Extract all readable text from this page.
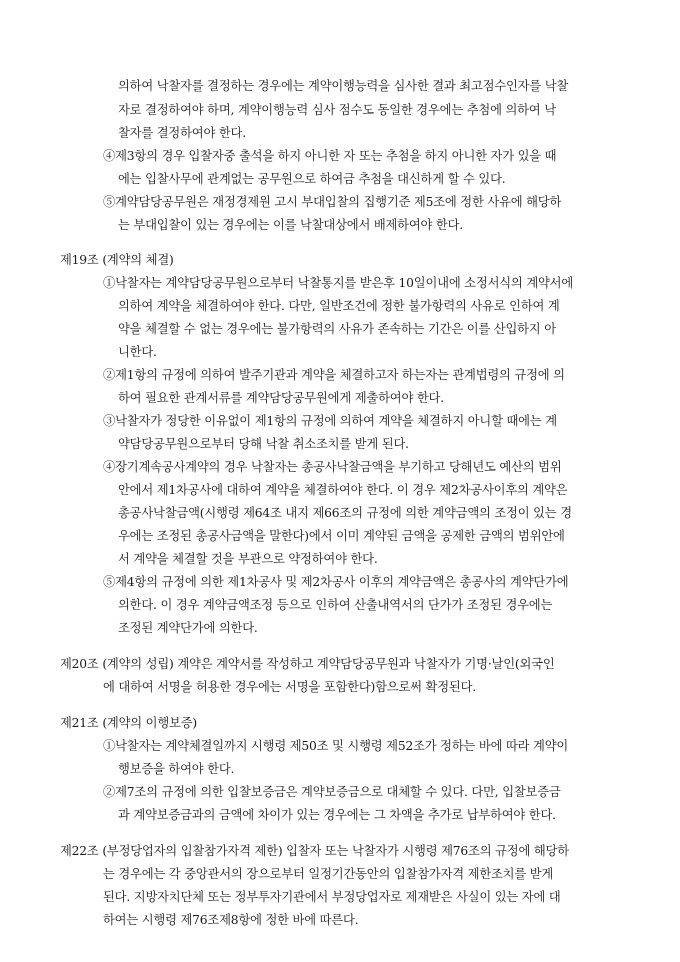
의하여 낙찰자를 결정하는 경우에는 계약이행능력을 심사한 결과 최고점수인자를 낙찰
자로 결정하여야 하며, 계약이행능력 심사 점수도 동일한 경우에는 추첨에 의하여 낙
찰자를 결정하여야 한다.
④제3항의 경우 입찰자중 출석을 하지 아니한 자 또는 추첨을 하지 아니한 자가 있을 때
에는 입찰사무에 관계없는 공무원으로 하여금 추첨을 대신하게 할 수 있다.
⑤계약담당공무원은 재정경제원 고시 부대입찰의 집행기준 제5조에 정한 사유에 해당하
는 부대입찰이 있는 경우에는 이를 낙찰대상에서 배제하여야 한다.
제19조 (계약의 체결)
①낙찰자는 계약담당공무원으로부터 낙찰통지를 받은후 10일이내에 소정서식의 계약서에
의하여 계약을 체결하여야 한다. 다만, 일반조건에 정한 불가항력의 사유로 인하여 계
약을 체결할 수 없는 경우에는 불가항력의 사유가 존속하는 기간은 이를 산입하지 아
니한다.
②제1항의 규정에 의하여 발주기관과 계약을 체결하고자 하는자는 관계법령의 규정에 의
하여 필요한 관계서류를 계약담당공무원에게 제출하여야 한다.
③낙찰자가 정당한 이유없이 제1항의 규정에 의하여 계약을 체결하지 아니할 때에는 계
약담당공무원으로부터 당해 낙찰 취소조치를 받게 된다.
④장기계속공사계약의 경우 낙찰자는 총공사낙찰금액을 부기하고 당해년도 예산의 범위
안에서 제1차공사에 대하여 계약을 체결하여야 한다. 이 경우 제2차공사이후의 계약은
총공사낙찰금액(시행령 제64조 내지 제66조의 규정에 의한 계약금액의 조정이 있는 경
우에는 조정된 총공사금액을 말한다)에서 이미 계약된 금액을 공제한 금액의 범위안에
서 계약을 체결할 것을 부관으로 약정하여야 한다.
⑤제4항의 규정에 의한 제1차공사 및 제2차공사 이후의 계약금액은 총공사의 계약단가에
의한다. 이 경우 계약금액조정 등으로 인하여 산출내역서의 단가가 조정된 경우에는
조정된 계약단가에 의한다.
제20조 (계약의 성립) 계약은 계약서를 작성하고 계약담당공무원과 낙찰자가 기명·날인(외국인
에 대하여 서명을 허용한 경우에는 서명을 포함한다)함으로써 확정된다.
제21조 (계약의 이행보증)
①낙찰자는 계약체결일까지 시행령 제50조 및 시행령 제52조가 정하는 바에 따라 계약이
행보증을 하여야 한다.
②제7조의 규정에 의한 입찰보증금은 계약보증금으로 대체할 수 있다. 다만, 입찰보증금
과 계약보증금과의 금액에 차이가 있는 경우에는 그 차액을 추가로 납부하여야 한다.
제22조 (부정당업자의 입찰참가자격 제한) 입찰자 또는 낙찰자가 시행령 제76조의 규정에 해당하
는 경우에는 각 중앙관서의 장으로부터 일정기간동안의 입찰참가자격 제한조치를 받게
된다. 지방자치단체 또는 정부투자기관에서 부정당업자로 제재받은 사실이 있는 자에 대
하여는 시행령 제76조제8항에 정한 바에 따른다.
